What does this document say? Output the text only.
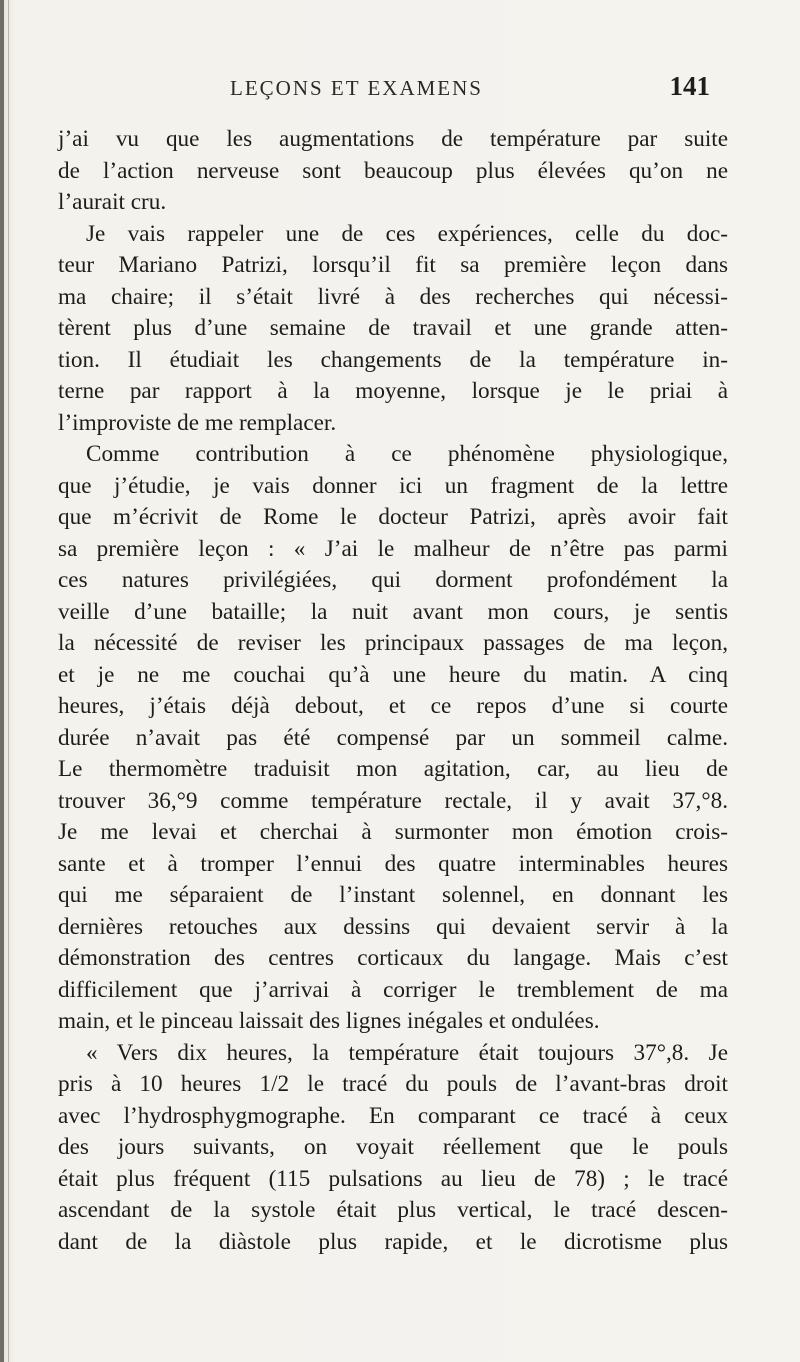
LEÇONS ET EXAMENS	141
j’ai vu que les augmentations de température par suite
de l’action nerveuse sont beaucoup plus élevées qu’on ne
l’aurait cru.
Je vais rappeler une de ces expériences, celle du doc-
teur Mariano Patrizi, lorsqu’il fit sa première leçon dans
ma chaire; il s’était livré à des recherches qui nécessi-
tèrent plus d’une semaine de travail et une grande atten-
tion. Il étudiait les changements de la température in-
terne par rapport à la moyenne, lorsque je le priai à
l’improviste de me remplacer.
Comme contribution à ce phénomène physiologique,
que j’étudie, je vais donner ici un fragment de la lettre
que m’écrivit de Rome le docteur Patrizi, après avoir fait
sa première leçon : « J’ai le malheur de n’être pas parmi
ces natures privilégiées, qui dorment profondément la
veille d’une bataille; la nuit avant mon cours, je sentis
la nécessité de reviser les principaux passages de ma leçon,
et je ne me couchai qu’à une heure du matin. A cinq
heures, j’étais déjà debout, et ce repos d’une si courte
durée n’avait pas été compensé par un sommeil calme.
Le thermomètre traduisit mon agitation, car, au lieu de
trouver 36,°9 comme température rectale, il y avait 37,°8.
Je me levai et cherchai à surmonter mon émotion crois-
sante et à tromper l’ennui des quatre interminables heures
qui me séparaient de l’instant solennel, en donnant les
dernières retouches aux dessins qui devaient servir à la
démonstration des centres corticaux du langage. Mais c’est
difficilement que j’arrivai à corriger le tremblement de ma
main, et le pinceau laissait des lignes inégales et ondulées.
« Vers dix heures, la température était toujours 37°,8. Je
pris à 10 heures 1/2 le tracé du pouls de l’avant-bras droit
avec l’hydrosphygmographe. En comparant ce tracé à ceux
des jours suivants, on voyait réellement que le pouls
était plus fréquent (115 pulsations au lieu de 78) ; le tracé
ascendant de la systole était plus vertical, le tracé descen-
dant de la diàstole plus rapide, et le dicrotisme plus
